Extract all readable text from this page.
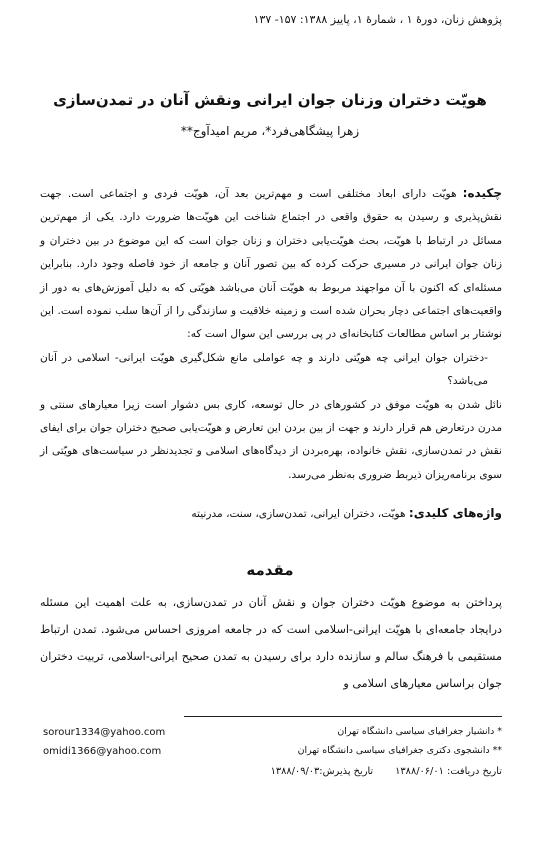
پژوهش زنان، دورهٔ ۱ ، شمارهٔ ۱، پاییز ۱۳۸۸: ۱۵۷- ۱۳۷
هویّت دختران وزنان جوان ایرانی ونقش آنان در تمدن‌سازی
زهرا پیشگاهی‌فرد*، مریم امیدآوج**

چکیده: هویّت دارای ابعاد مختلفی است و مهم‌ترین بعد آن، هویّت فردی و اجتماعی است. جهت نقش‌پذیری و رسیدن به حقوق واقعی در اجتماع شناخت این هویّت‌ها ضرورت دارد. یکی از مهم‌ترین مسائل در ارتباط با هویّت، بحث هویّت‌یابی دختران و زنان جوان است که این موضوع در بین دختران و زنان جوان ایرانی در مسیری حرکت کرده که بین تصور آنان و جامعه از خود فاصله وجود دارد. بنابراین مسئله‌ای که اکنون با آن مواجهند مربوط به هویّت آنان می‌باشد هویّتی که به دلیل آموزش‌های به دور از واقعیت‌های اجتماعی دچار بحران شده است و زمینه خلاقیت و سازندگی را از آن‌ها سلب نموده است. این نوشتار بر اساس مطالعات کتابخانه‌ای در پی بررسی این سوال است که:

-دختران جوان ایرانی چه هویّتی دارند و چه عواملی مانع شکل‌گیری هویّت ایرانی- اسلامی در آنان می‌باشد؟

نائل شدن به هویّت موفق در کشورهای در حال توسعه، کاری بس دشوار است زیرا معیارهای سنتی و مدرن درتعارض هم قرار دارند و جهت از بین بردن این تعارض و هویّت‌یابی صحیح دختران جوان برای ایفای نقش در تمدن‌سازی، نقش خانواده، بهره‌بردن از دیدگاه‌های اسلامی و تجدیدنظر در سیاست‌های هویّتی از سوی برنامه‌ریزان ذیربط ضروری به‌نظر می‌رسد.

واژه‌های کلیدی: هویّت، دختران ایرانی، تمدن‌سازی، سنت، مدرنیته
مقدمه

پرداختن به موضوع هویّت دختران جوان و نقش آنان در تمدن‌سازی، به علت اهمیت این مسئله درایجاد جامعه‌ای با هویّت ایرانی-اسلامی است که در جامعه امروزی احساس می‌شود. تمدن ارتباط مستقیمی با فرهنگ سالم و سازنده دارد برای رسیدن به تمدن صحیح ایرانی-اسلامی، تربیت دختران جوان براساس معیارهای اسلامی و

* دانشیار جغرافیای سیاسی دانشگاه تهران
** دانشجوی دکتری جغرافیای سیاسی دانشگاه تهران
sorour1334@yahoo.com
omidi1366@yahoo.com
تاریخ دریافت: ۱۳۸۸/۰۶/۰۱تاریخ پذیرش:۱۳۸۸/۰۹/۰۳
